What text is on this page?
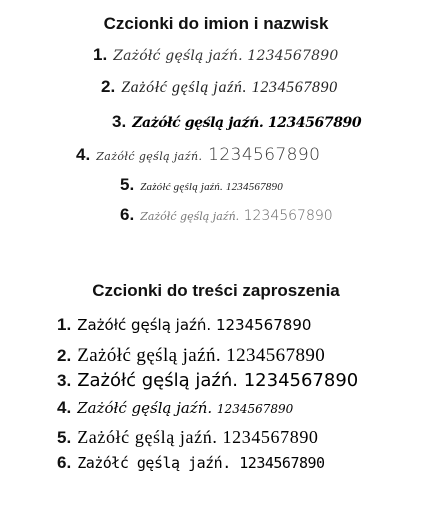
Czcionki do imion i nazwisk
1. Zażółć gęślą jaźń. 1234567890
2. Zażółć gęślą jaźń. 1234567890
3. Zażółć gęślą jaźń. 1234567890
4. Zażółć gęślą jaźń. 1234567890
5. Zażółć gęślą jaźń. 1234567890
6. Zażółć gęślą jaźń. 1234567890
Czcionki do treści zaproszenia
1. Zażółć gęślą jaźń. 1234567890
2. Zażółć gęślą jaźń. 1234567890
3. Zażółć gęślą jaźń. 1234567890
4. Zażółć gęślą jaźń. 1234567890
5. Zażółć gęślą jaźń. 1234567890
6. Zażółć gęślą jaźń. 1234567890
